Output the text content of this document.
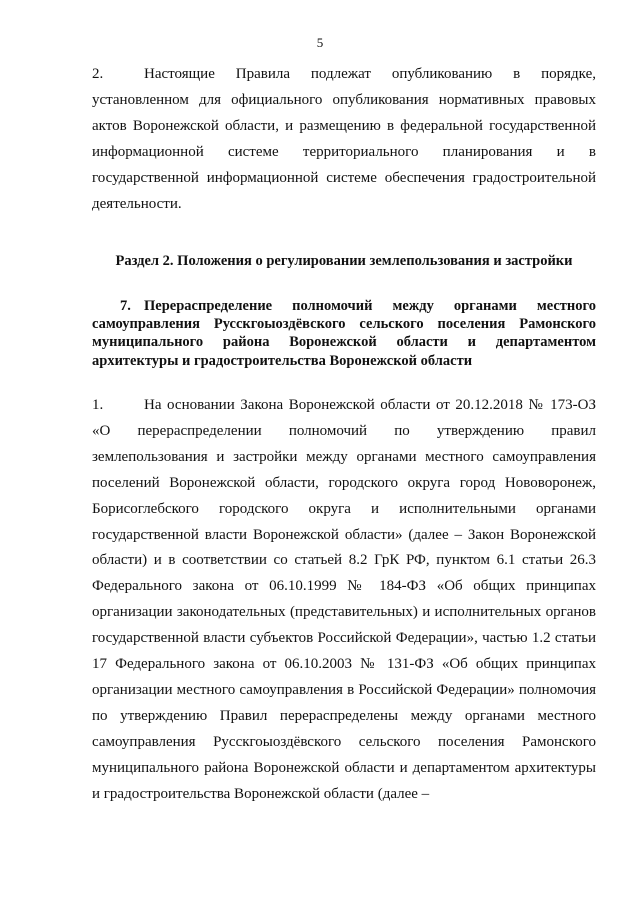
5
2.	Настоящие Правила подлежат опубликованию в порядке, установленном для официального опубликования нормативных правовых актов Воронежской области, и размещению в федеральной государственной информационной системе территориального планирования и в государственной информационной системе обеспечения градостроительной деятельности.
Раздел 2. Положения о регулировании землепользования и застройки
7. Перераспределение полномочий между органами местного самоуправления Русскгоыоздёвского сельского поселения Рамонского муниципального района Воронежской области и департаментом архитектуры и градостроительства Воронежской области
1.	На основании Закона Воронежской области от 20.12.2018 № 173-ОЗ «О перераспределении полномочий по утверждению правил землепользования и застройки между органами местного самоуправления поселений Воронежской области, городского округа город Нововоронеж, Борисоглебского городского округа и исполнительными органами государственной власти Воронежской области» (далее – Закон Воронежской области) и в соответствии со статьей 8.2 ГрК РФ, пунктом 6.1 статьи 26.3 Федерального закона от 06.10.1999 № 184-ФЗ «Об общих принципах организации законодательных (представительных) и исполнительных органов государственной власти субъектов Российской Федерации», частью 1.2 статьи 17 Федерального закона от 06.10.2003 № 131-ФЗ «Об общих принципах организации местного самоуправления в Российской Федерации» полномочия по утверждению Правил перераспределены между органами местного самоуправления Русскгоыоздёвского сельского поселения Рамонского муниципального района Воронежской области и департаментом архитектуры и градостроительства Воронежской области (далее –
